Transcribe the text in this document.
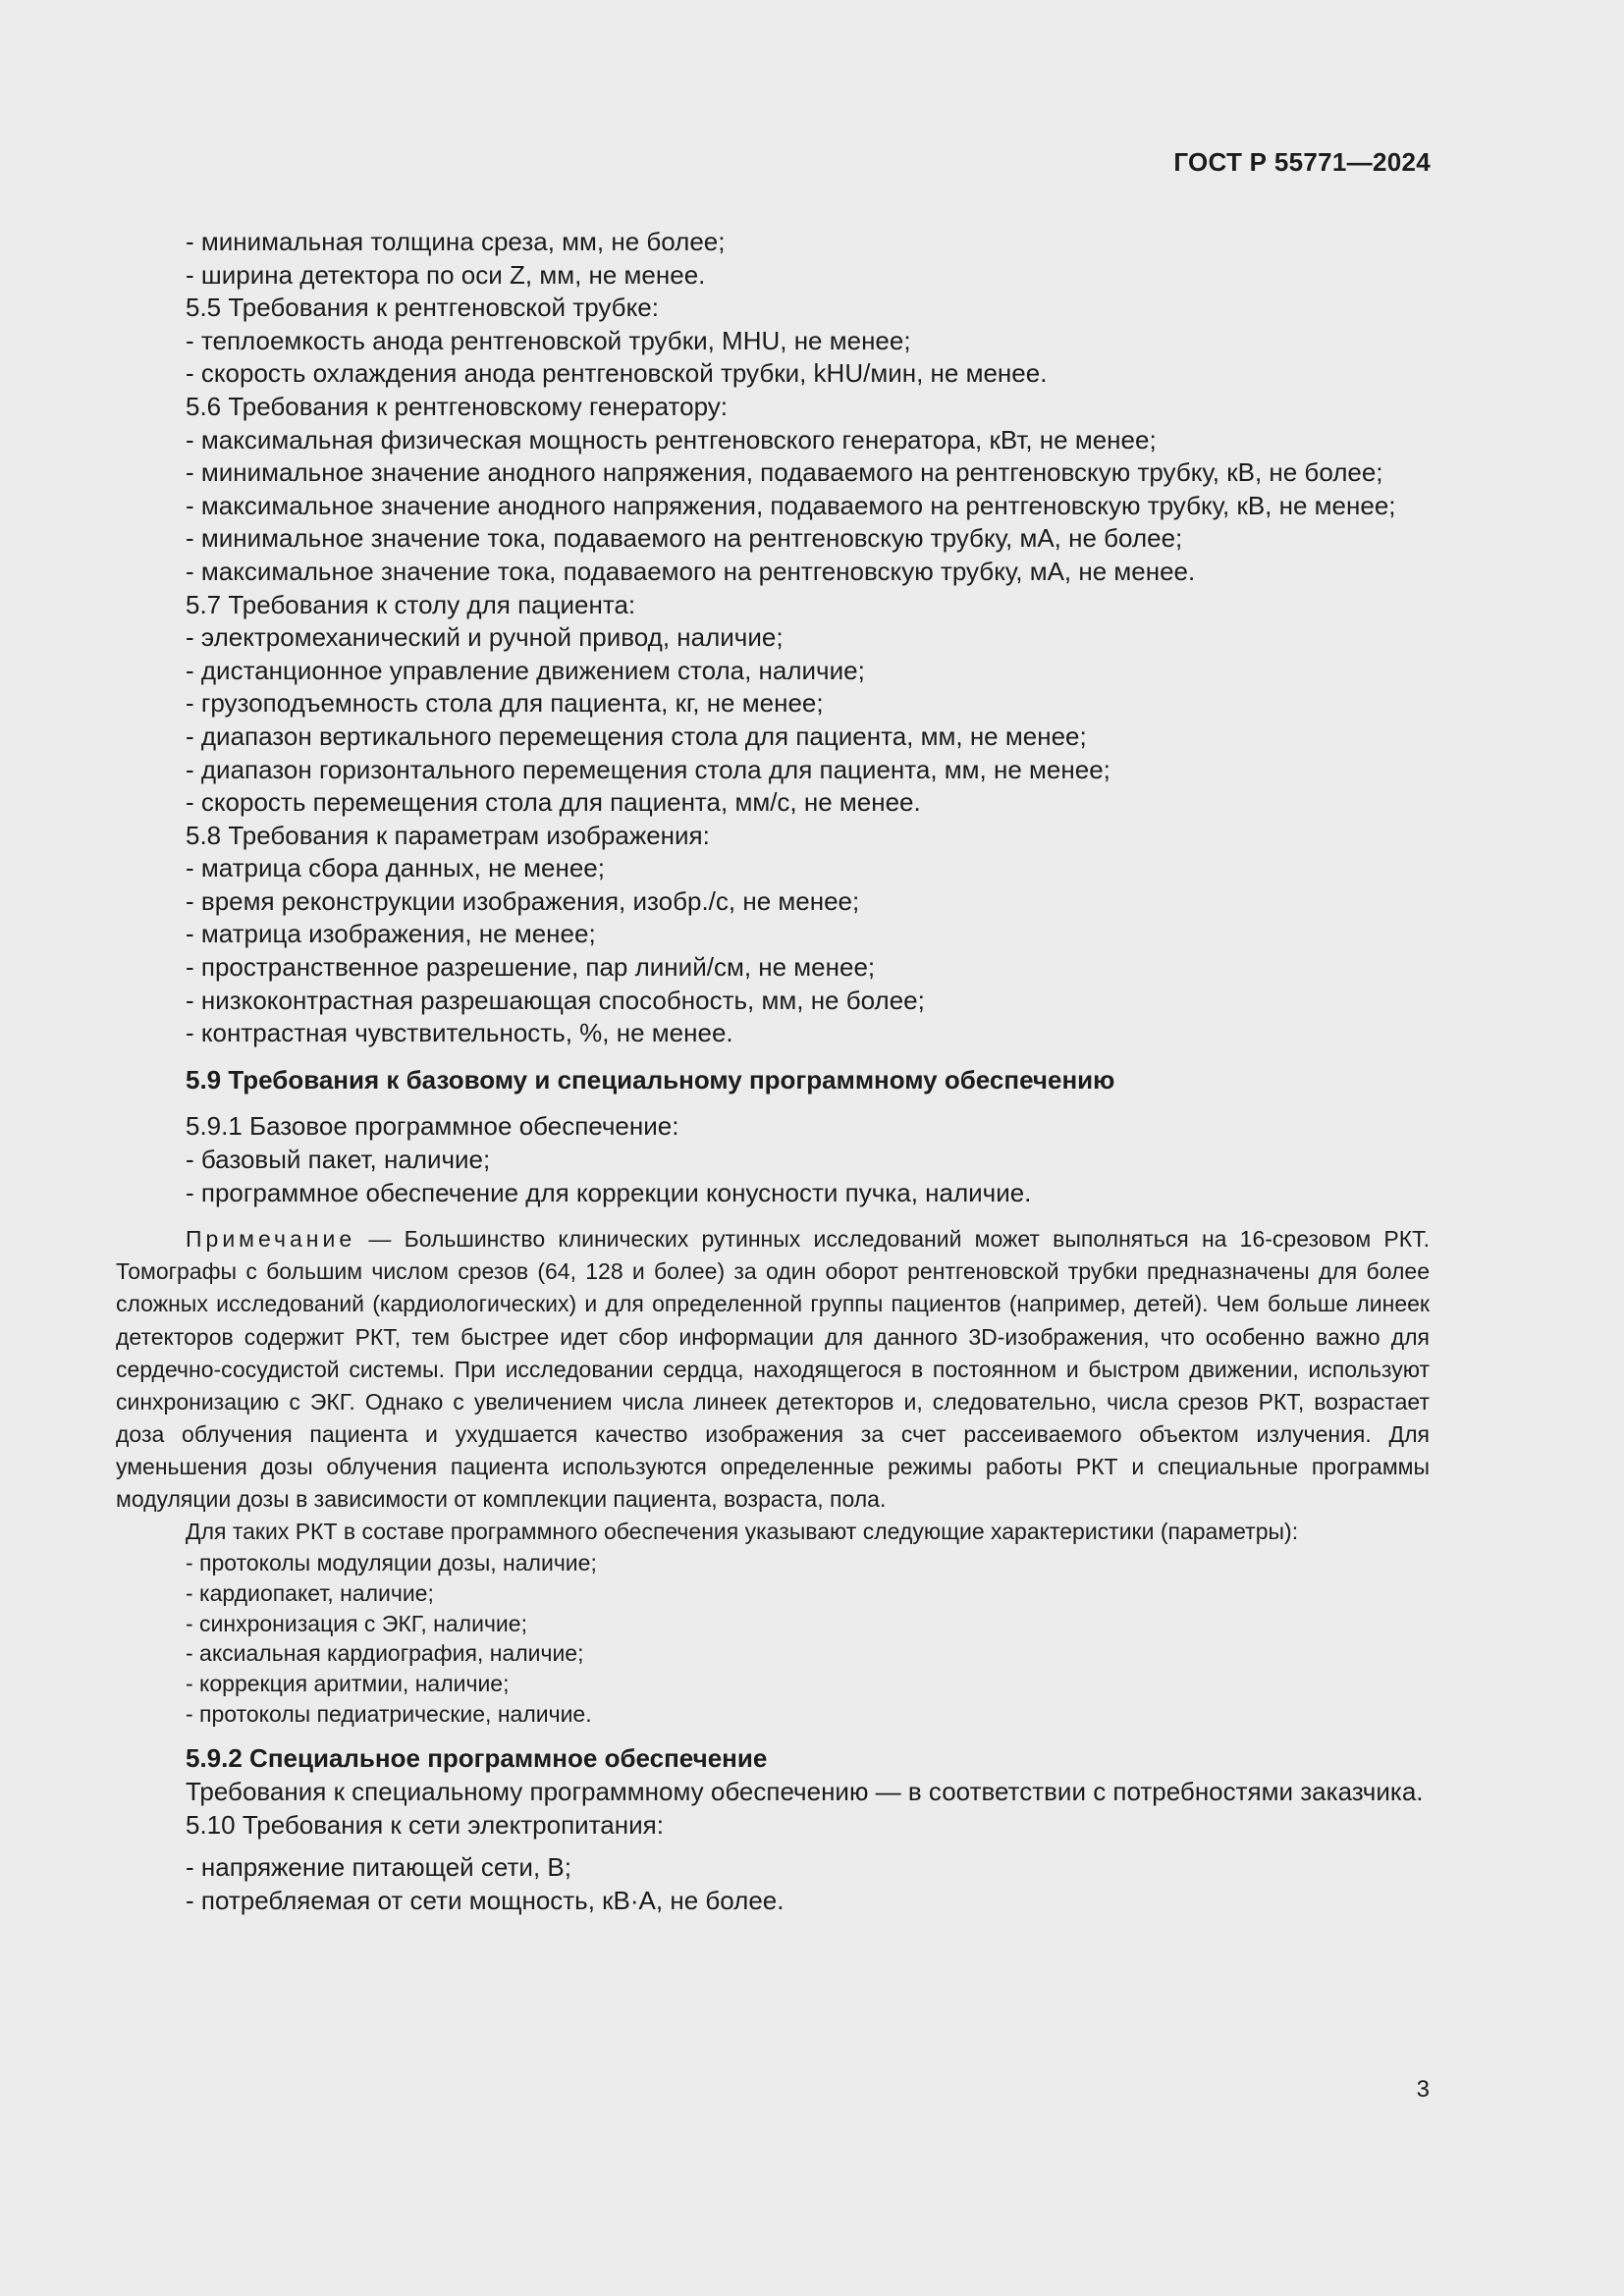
ГОСТ Р 55771—2024
- минимальная толщина среза, мм, не более;
- ширина детектора по оси Z, мм, не менее.
5.5 Требования к рентгеновской трубке:
- теплоемкость анода рентгеновской трубки, MHU, не менее;
- скорость охлаждения анода рентгеновской трубки, kHU/мин, не менее.
5.6 Требования к рентгеновскому генератору:
- максимальная физическая мощность рентгеновского генератора, кВт, не менее;
- минимальное значение анодного напряжения, подаваемого на рентгеновскую трубку, кВ, не более;
- максимальное значение анодного напряжения, подаваемого на рентгеновскую трубку, кВ, не менее;
- минимальное значение тока, подаваемого на рентгеновскую трубку, мА, не более;
- максимальное значение тока, подаваемого на рентгеновскую трубку, мА, не менее.
5.7 Требования к столу для пациента:
- электромеханический и ручной привод, наличие;
- дистанционное управление движением стола, наличие;
- грузоподъемность стола для пациента, кг, не менее;
- диапазон вертикального перемещения стола для пациента, мм, не менее;
- диапазон горизонтального перемещения стола для пациента, мм, не менее;
- скорость перемещения стола для пациента, мм/с, не менее.
5.8 Требования к параметрам изображения:
- матрица сбора данных, не менее;
- время реконструкции изображения, изобр./с, не менее;
- матрица изображения, не менее;
- пространственное разрешение, пар линий/см, не менее;
- низкоконтрастная разрешающая способность, мм, не более;
- контрастная чувствительность, %, не менее.
5.9 Требования к базовому и специальному программному обеспечению
5.9.1 Базовое программное обеспечение:
- базовый пакет, наличие;
- программное обеспечение для коррекции конусности пучка, наличие.
Примечание — Большинство клинических рутинных исследований может выполняться на 16-срезовом РКТ. Томографы с большим числом срезов (64, 128 и более) за один оборот рентгеновской трубки предназначены для более сложных исследований (кардиологических) и для определенной группы пациентов (например, детей). Чем больше линеек детекторов содержит РКТ, тем быстрее идет сбор информации для данного 3D-изображения, что особенно важно для сердечно-сосудистой системы. При исследовании сердца, находящегося в постоянном и быстром движении, используют синхронизацию с ЭКГ. Однако с увеличением числа линеек детекторов и, следовательно, числа срезов РКТ, возрастает доза облучения пациента и ухудшается качество изображения за счет рассеиваемого объектом излучения. Для уменьшения дозы облучения пациента используются определенные режимы работы РКТ и специальные программы модуляции дозы в зависимости от комплекции пациента, возраста, пола.
Для таких РКТ в составе программного обеспечения указывают следующие характеристики (параметры):
- протоколы модуляции дозы, наличие;
- кардиопакет, наличие;
- синхронизация с ЭКГ, наличие;
- аксиальная кардиография, наличие;
- коррекция аритмии, наличие;
- протоколы педиатрические, наличие.
5.9.2 Специальное программное обеспечение
Требования к специальному программному обеспечению — в соответствии с потребностями заказчика.
5.10 Требования к сети электропитания:
- напряжение питающей сети, В;
- потребляемая от сети мощность, кВ·А, не более.
3
